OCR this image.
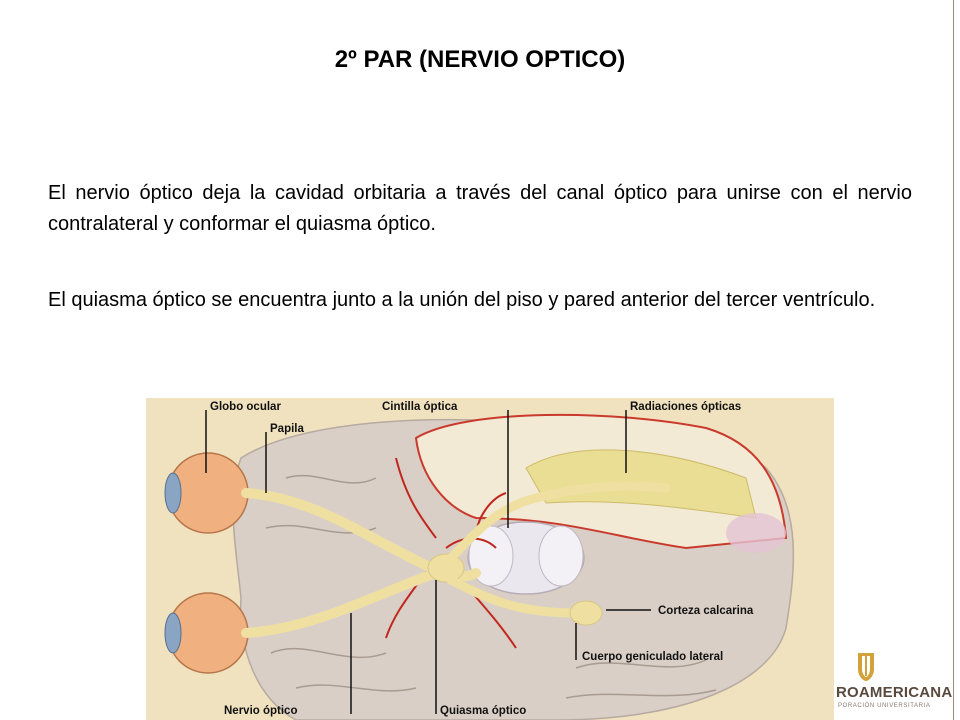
2º PAR (NERVIO OPTICO)

El nervio óptico deja la cavidad orbitaria a través del canal óptico para unirse con el nervio contralateral y conformar el quiasma óptico.

El quiasma óptico se encuentra junto a la unión del piso y pared anterior del tercer ventrículo.

Globo ocular
Papila
Cintilla óptica	Radiaciones ópticas
Corteza calcarina
Cuerpo geniculado lateral
Nervio óptico	Quiasma óptico
ROAMERICANA
PORACIÓN UNIVERSITARIA
